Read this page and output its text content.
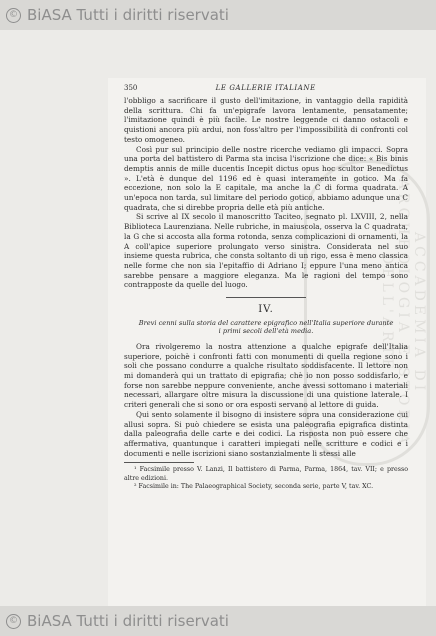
© BiASA Tutti i diritti riservati
ACCADEMIA DI ARCHEOLOGIA E STORIA DELL'ARTE
350	LE GALLERIE ITALIANE

l'obbligo a sacrificare il gusto dell'imitazione, in vantaggio della rapidità della scrittura. Chi fa un'epigrafe lavora lentamente, pensatamente; l'imitazione quindi è più facile. Le nostre leggende ci danno ostacoli e quistioni ancora più ardui, non foss'altro per l'impossibilità di confronti col testo omogeneo.

Così pur sul principio delle nostre ricerche vediamo gli impacci. Sopra una porta del battistero di Parma sta incisa l'iscrizione che dice: « Bis binis demptis annis de mille ducentis Incepit dictus opus hoc scultor Benedictus ». L'età è dunque del 1196 ed è quasi interamente in gotico. Ma fa eccezione, non solo la E capitale, ma anche la C di forma quadrata. A un'epoca non tarda, sul limitare del periodo gotico, abbiamo adunque una C quadrata, che si direbbe propria delle età più antiche.

Si scrive al IX secolo il manoscritto Taciteo, segnato pl. LXVIII, 2, nella Biblioteca Laurenziana. Nelle rubriche, in maiuscola, osserva la C quadrata, la G che si accosta alla forma rotonda, senza complicazioni di ornamenti, la A coll'apice superiore prolungato verso sinistra. Considerata nel suo insieme questa rubrica, che consta soltanto di un rigo, essa è meno classica nelle forme che non sia l'epitaffio di Adriano I; eppure l'una meno antica sarebbe pensare a maggiore eleganza. Ma le ragioni del tempo sono contrapposte da quelle del luogo.

IV.
Brevi cenni sulla storia del carattere epigrafico nell'Italia superiore durante i primi secoli dell'età media.

Ora rivolgeremo la nostra attenzione a qualche epigrafe dell'Italia superiore, poichè i confronti fatti con monumenti di quella regione sono i soli che possano condurre a qualche risultato soddisfacente. Il lettore non mi domanderà qui un trattato di epigrafia; chè io non posso soddisfarlo, e forse non sarebbe neppure conveniente, anche avessi sottomano i materiali necessari, allargare oltre misura la discussione di una quistione laterale. I criteri generali che si sono or ora esposti servano al lettore di guida.

Qui sento solamente il bisogno di insistere sopra una considerazione cui allusi sopra. Si può chiedere se esista una paleografia epigrafica distinta dalla paleografia delle carte e dei codici. La risposta non può essere che affermativa, quantunque i caratteri impiegati nelle scritture e codici e i documenti e nelle iscrizioni siano sostanzialmente li stessi alle

¹ Facsimile presso V. Lanzi, Il battistero di Parma, Parma, 1864, tav. VII; e presso altre edizioni.

² Facsimile in: The Palaeographical Society, seconda serie, parte V, tav. XC.

© BiASA Tutti i diritti riservati
